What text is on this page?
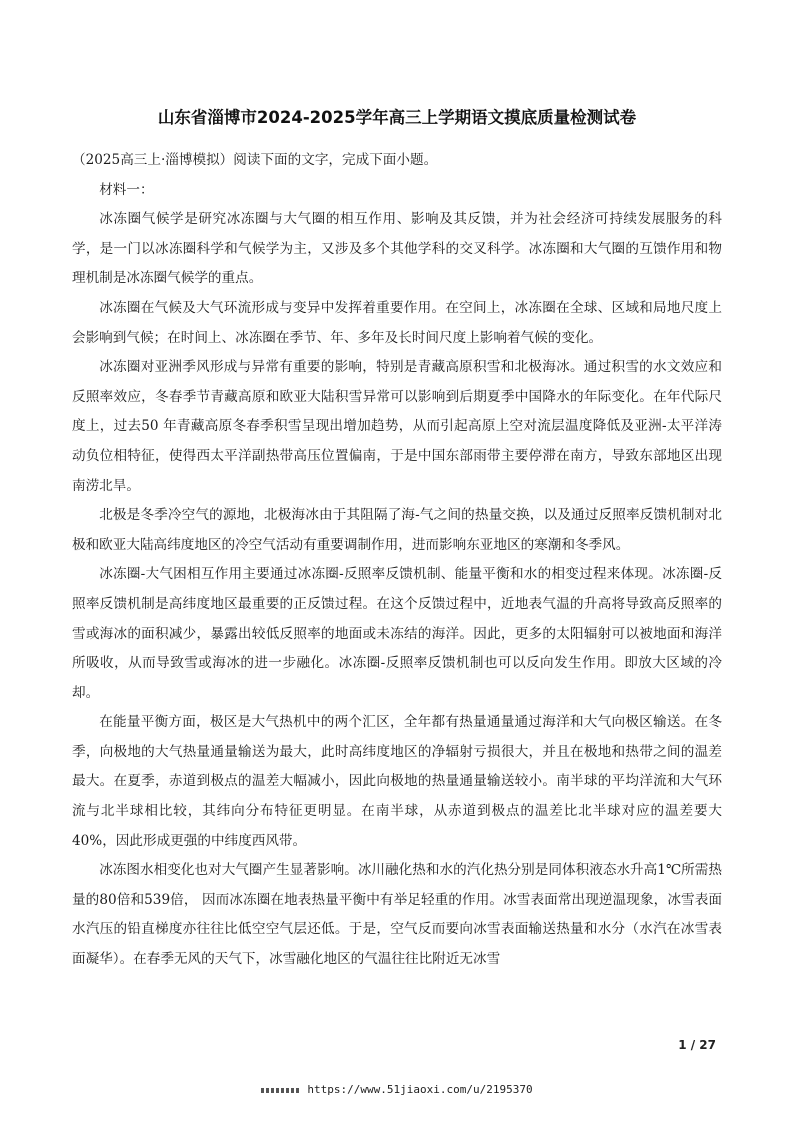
山东省淄博市2024-2025学年高三上学期语文摸底质量检测试卷

（2025高三上·淄博模拟）阅读下面的文字，完成下面小题。

材料一：

冰冻圈气候学是研究冰冻圈与大气圈的相互作用、影响及其反馈，并为社会经济可持续发展服务的科学，是一门以冰冻圈科学和气候学为主，又涉及多个其他学科的交叉科学。冰冻圈和大气圈的互馈作用和物理机制是冰冻圈气候学的重点。

冰冻圈在气候及大气环流形成与变异中发挥着重要作用。在空间上，冰冻圈在全球、区域和局地尺度上会影响到气候；在时间上、冰冻圈在季节、年、多年及长时间尺度上影响着气候的变化。

冰冻圈对亚洲季风形成与异常有重要的影响，特别是青藏高原积雪和北极海冰。通过积雪的水文效应和反照率效应，冬春季节青藏高原和欧亚大陆积雪异常可以影响到后期夏季中国降水的年际变化。在年代际尺度上，过去50 年青藏高原冬春季积雪呈现出增加趋势，从而引起高原上空对流层温度降低及亚洲-太平洋涛动负位相特征，使得西太平洋副热带高压位置偏南，于是中国东部雨带主要停滞在南方，导致东部地区出现南涝北旱。

北极是冬季冷空气的源地，北极海冰由于其阻隔了海-气之间的热量交换，以及通过反照率反馈机制对北极和欧亚大陆高纬度地区的冷空气活动有重要调制作用，进而影响东亚地区的寒潮和冬季风。

冰冻圈-大气困相互作用主要通过冰冻圈-反照率反馈机制、能量平衡和水的相变过程来体现。冰冻圈-反照率反馈机制是高纬度地区最重要的正反馈过程。在这个反馈过程中，近地表气温的升高将导致高反照率的雪或海冰的面积减少，暴露出较低反照率的地面或未冻结的海洋。因此，更多的太阳辐射可以被地面和海洋所吸收，从而导致雪或海冰的进一步融化。冰冻圈-反照率反馈机制也可以反向发生作用。即放大区域的冷却。

在能量平衡方面，极区是大气热机中的两个汇区，全年都有热量通量通过海洋和大气向极区输送。在冬季，向极地的大气热量通量输送为最大，此时高纬度地区的净辐射亏损很大，并且在极地和热带之间的温差最大。在夏季，赤道到极点的温差大幅减小，因此向极地的热量通量输送较小。南半球的平均洋流和大气环流与北半球相比较，其纬向分布特征更明显。在南半球，从赤道到极点的温差比北半球对应的温差要大 40%，因此形成更强的中纬度西风带。

冰冻图水相变化也对大气圈产生显著影响。冰川融化热和水的汽化热分别是同体积液态水升高1℃所需热量的80倍和539倍， 因而冰冻圈在地表热量平衡中有举足轻重的作用。冰雪表面常出现逆温现象，冰雪表面水汽压的铅直梯度亦往往比低空空气层还低。于是，空气反而要向冰雪表面输送热量和水分（水汽在冰雪表面凝华）。在春季无风的天气下，冰雪融化地区的气温往往比附近无冰雪

1 / 27
https://www.51jiaoxi.com/u/2195370
